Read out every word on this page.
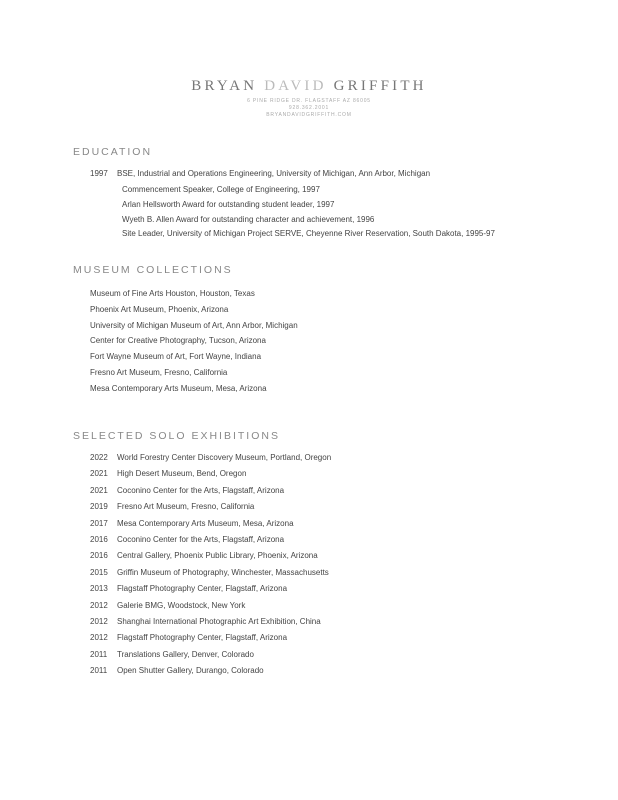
BRYAN DAVID GRIFFITH
6 PINE RIDGE DR. FLAGSTAFF AZ 86005
928.362.2001
BRYANDAVIDGRIFFITH.COM
EDUCATION
1997 BSE, Industrial and Operations Engineering, University of Michigan, Ann Arbor, Michigan
MUSEUM COLLECTIONS
SELECTED SOLO EXHIBITIONS
Commencement Speaker, College of Engineering, 1997
Arlan Hellsworth Award for outstanding student leader, 1997
Wyeth B. Allen Award for outstanding character and achievement, 1996
Site Leader, University of Michigan Project SERVE, Cheyenne River Reservation, South Dakota, 1995-97
Museum of Fine Arts Houston, Houston, Texas
Phoenix Art Museum, Phoenix, Arizona
University of Michigan Museum of Art, Ann Arbor, Michigan
Center for Creative Photography, Tucson, Arizona
Fort Wayne Museum of Art, Fort Wayne, Indiana
Fresno Art Museum, Fresno, California
Mesa Contemporary Arts Museum, Mesa, Arizona
2022 World Forestry Center Discovery Museum, Portland, Oregon
2021 High Desert Museum, Bend, Oregon
2021 Coconino Center for the Arts, Flagstaff, Arizona
2019 Fresno Art Museum, Fresno, California
2017 Mesa Contemporary Arts Museum, Mesa, Arizona
2016 Coconino Center for the Arts, Flagstaff, Arizona
2016 Central Gallery, Phoenix Public Library, Phoenix, Arizona
2015 Griffin Museum of Photography, Winchester, Massachusetts
2013 Flagstaff Photography Center, Flagstaff, Arizona
2012 Galerie BMG, Woodstock, New York
2012 Shanghai International Photographic Art Exhibition, China
2012 Flagstaff Photography Center, Flagstaff, Arizona
2011 Translations Gallery, Denver, Colorado
2011 Open Shutter Gallery, Durango, Colorado
